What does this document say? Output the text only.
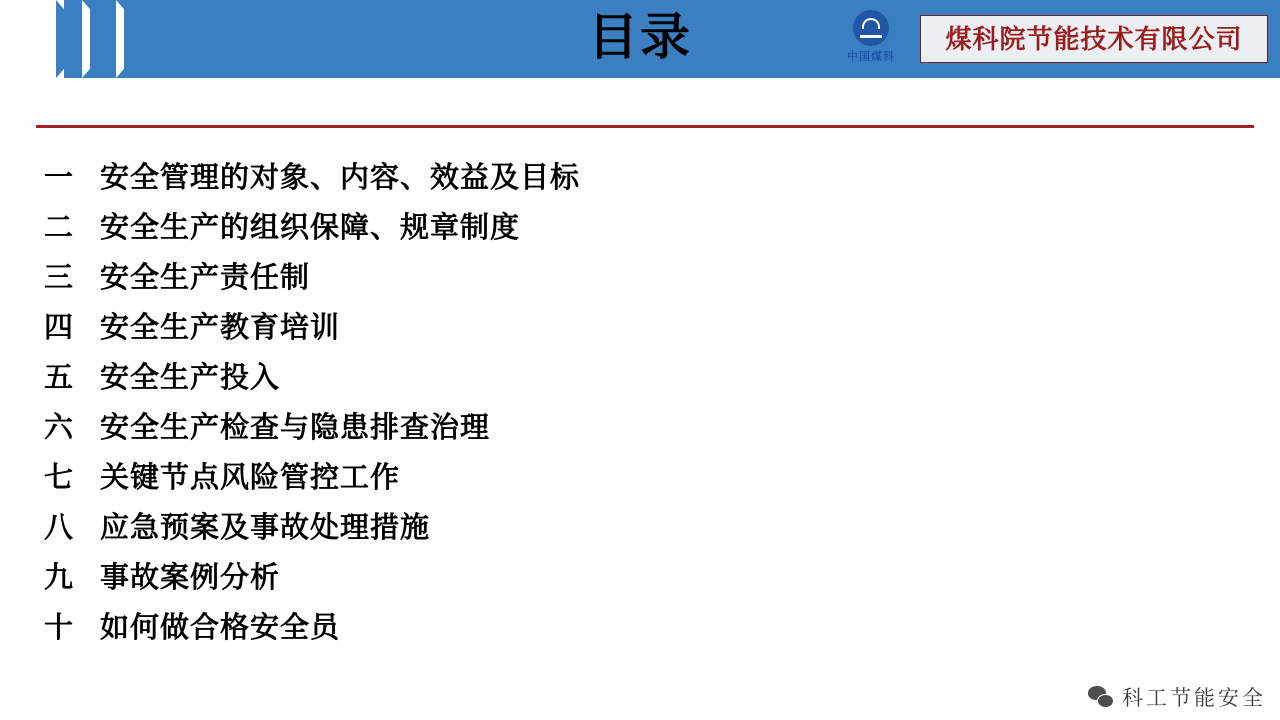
目录	中国煤科
煤科院节能技术有限公司
一 安全管理的对象、内容、效益及目标
二 安全生产的组织保障、规章制度
三 安全生产责任制
四 安全生产教育培训
五 安全生产投入
六 安全生产检查与隐患排查治理
七 关键节点风险管控工作
八 应急预案及事故处理措施
九 事故案例分析
十 如何做合格安全员
科工节能安全
